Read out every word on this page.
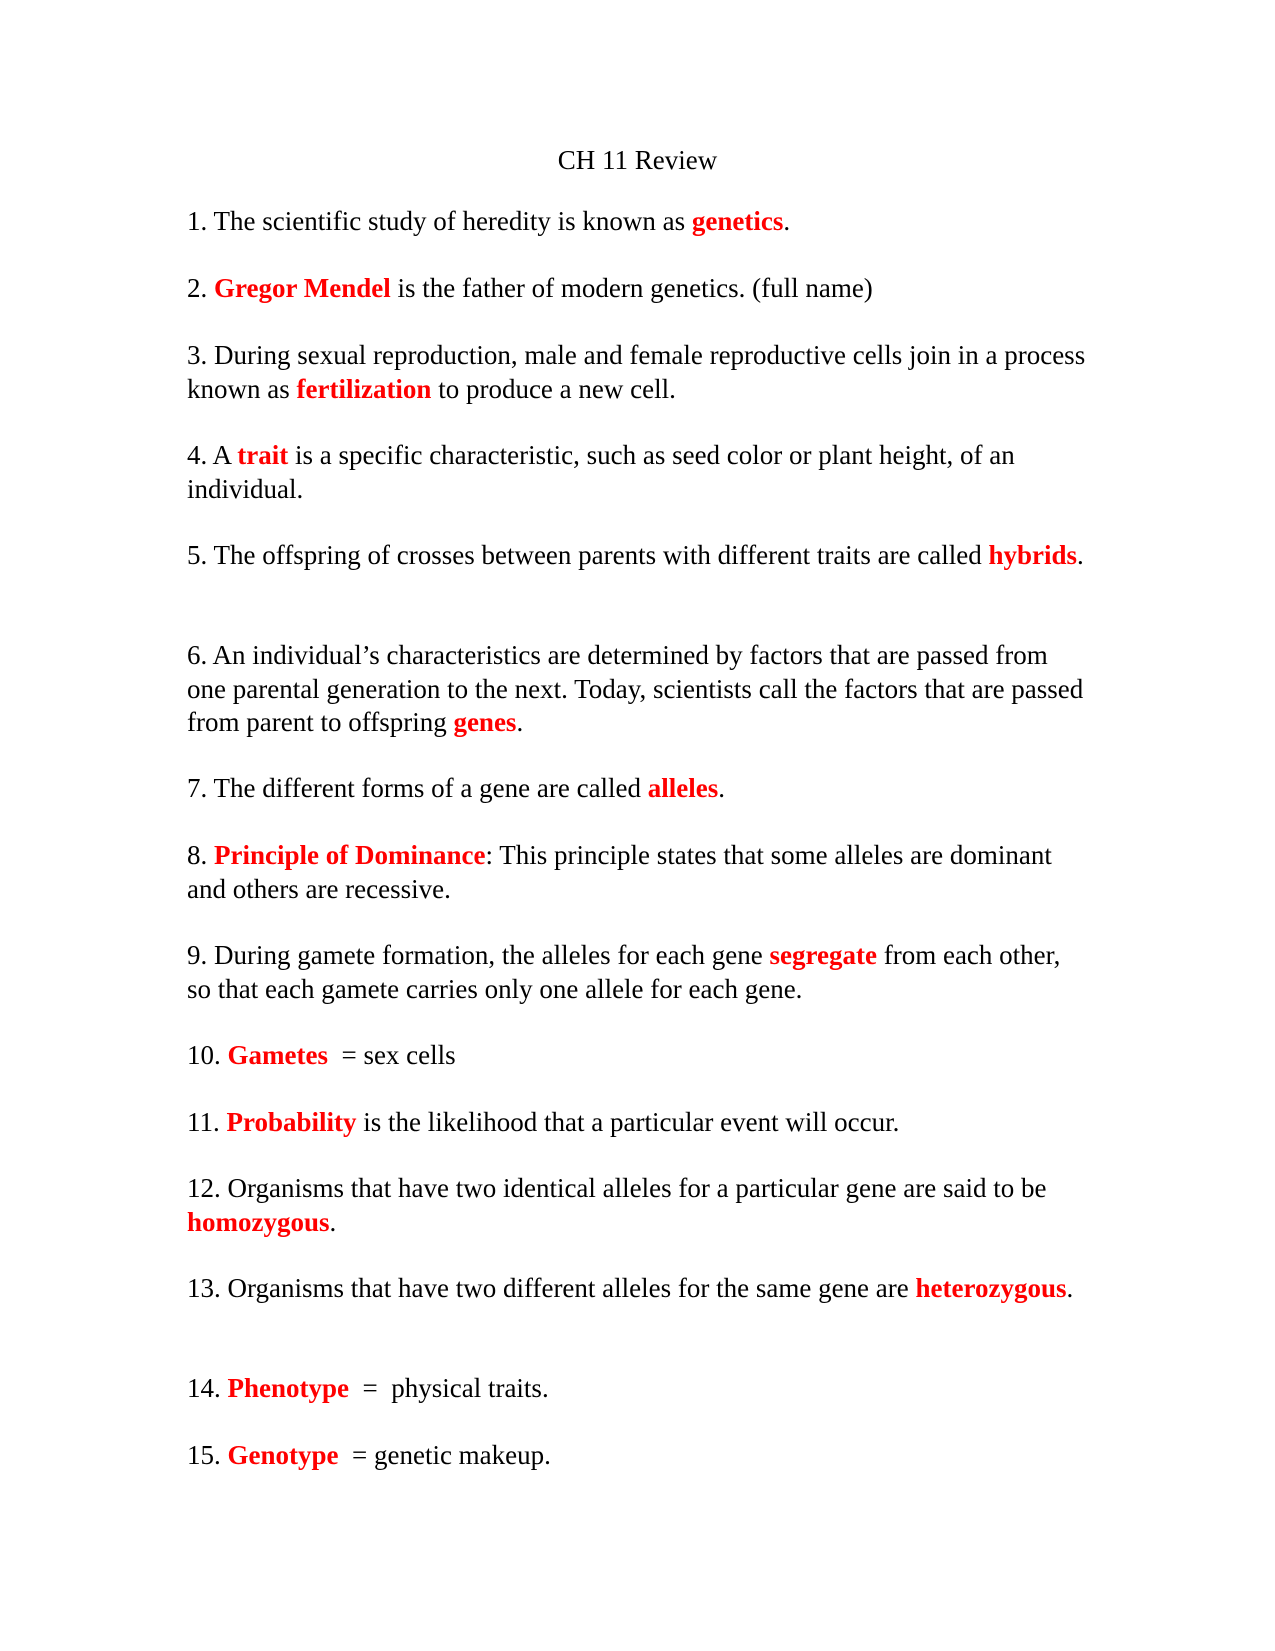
CH 11 Review

1. The scientific study of heredity is known as genetics.

2. Gregor Mendel is the father of modern genetics. (full name)

3. During sexual reproduction, male and female reproductive cells join in a process known as fertilization to produce a new cell.

4. A trait is a specific characteristic, such as seed color or plant height, of an individual.

5. The offspring of crosses between parents with different traits are called hybrids.

6. An individual’s characteristics are determined by factors that are passed from one parental generation to the next. Today, scientists call the factors that are passed from parent to offspring genes.

7. The different forms of a gene are called alleles.

8. Principle of Dominance: This principle states that some alleles are dominant and others are recessive.

9. During gamete formation, the alleles for each gene segregate from each other, so that each gamete carries only one allele for each gene.

10. Gametes  = sex cells

11. Probability is the likelihood that a particular event will occur.

12. Organisms that have two identical alleles for a particular gene are said to be homozygous.

13. Organisms that have two different alleles for the same gene are heterozygous.

14. Phenotype  =  physical traits.

15. Genotype  = genetic makeup.
